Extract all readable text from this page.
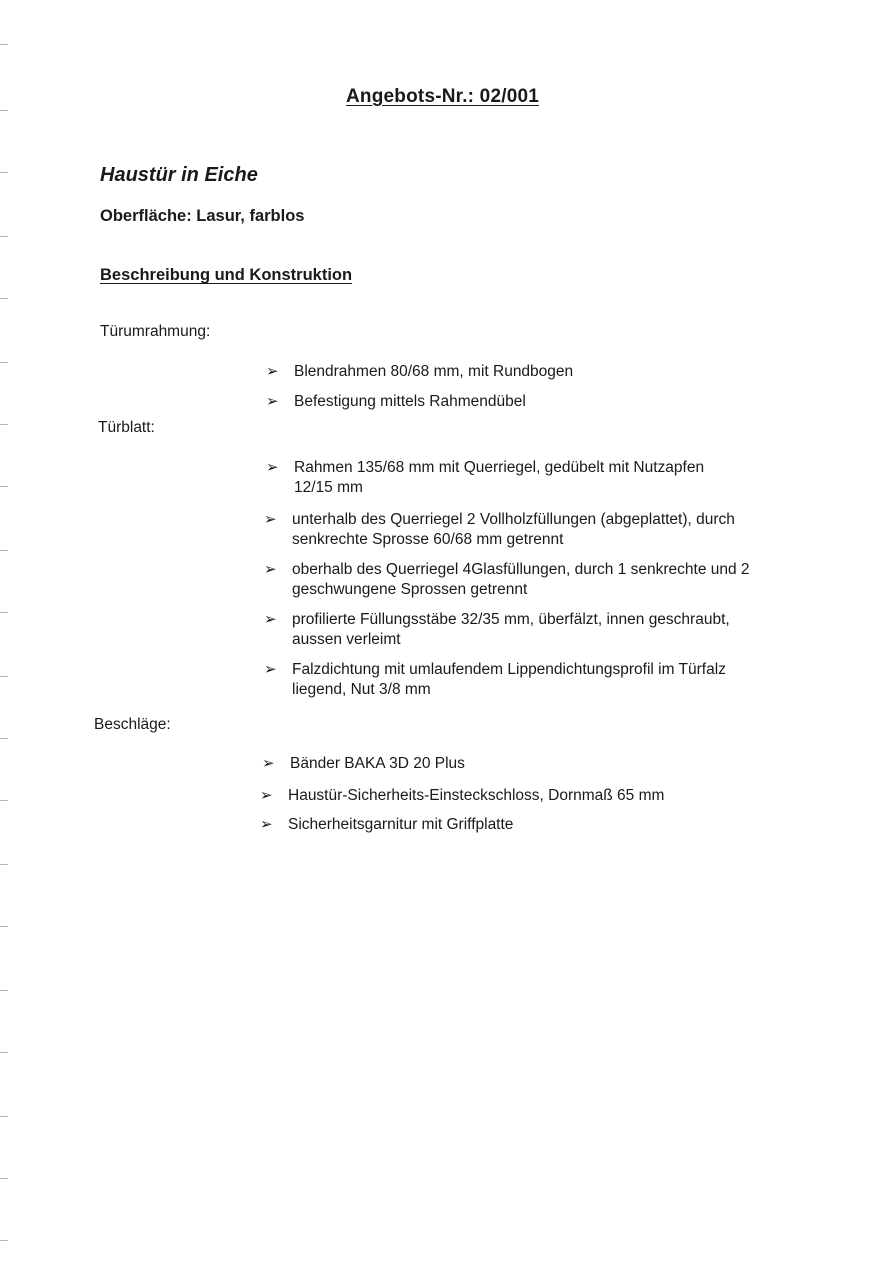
Angebots-Nr.: 02/001
Haustür in Eiche
Oberfläche: Lasur, farblos
Beschreibung und Konstruktion
Türumrahmung:
➢ Blendrahmen 80/68 mm, mit Rundbogen
➢ Befestigung mittels Rahmendübel
Türblatt:
➢ Rahmen 135/68 mm mit Querriegel, gedübelt mit Nutzapfen 12/15 mm
➢ unterhalb des Querriegel 2 Vollholzfüllungen (abgeplattet), durch senkrechte Sprosse 60/68 mm getrennt
➢ oberhalb des Querriegel 4Glasfüllungen, durch 1 senkrechte und 2 geschwungene Sprossen getrennt
➢ profilierte Füllungsstäbe 32/35 mm, überfälzt, innen geschraubt, aussen verleimt
➢ Falzdichtung mit umlaufendem Lippendichtungsprofil im Türfalz liegend, Nut 3/8 mm
Beschläge:
➢ Bänder BAKA 3D 20 Plus
➢ Haustür-Sicherheits-Einsteckschloss, Dornmaß 65 mm
➢ Sicherheitsgarnitur mit Griffplatte
